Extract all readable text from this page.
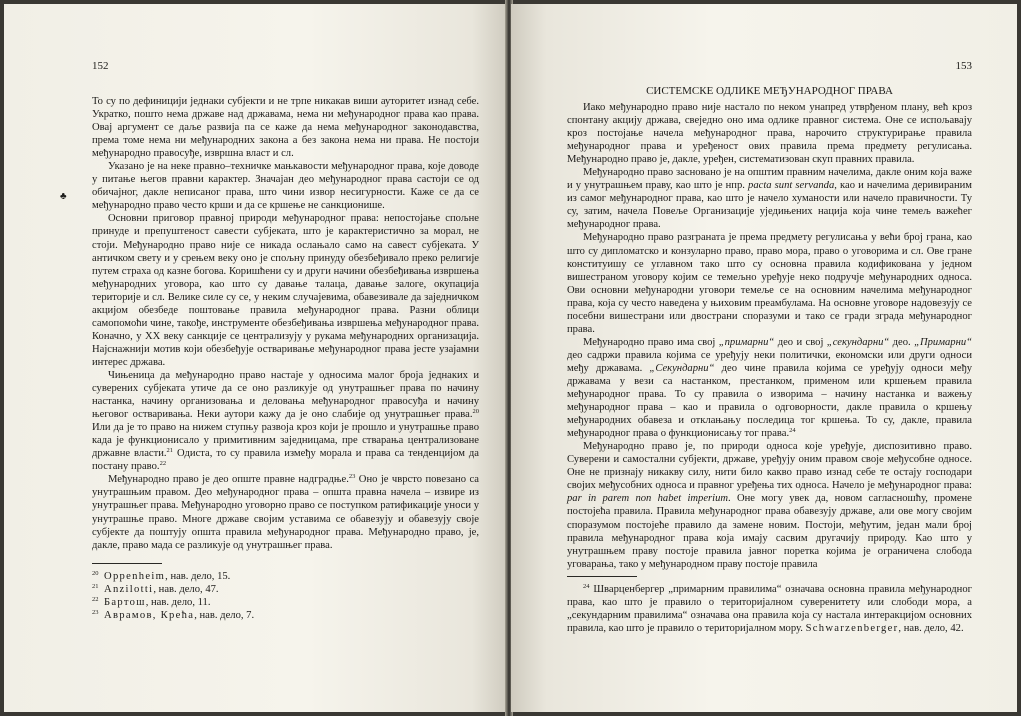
152

То су по дефиницији једнаки субјекти и не трпе никакав виши ауторитет изнад себе. Укратко, пошто нема државе над државама, нема ни међународног права као права. Овај аргумент се даље развија па се каже да нема међународног законодавства, према томе нема ни међународних закона а без закона нема ни права. Не постоји међународно правосуђе, извршна власт и сл.

Указано је на неке правно–техничке мањкавости међународног права, које доводе у питање његов правни карактер. Значајан део међународног права састоји се од обичајног, дакле неписаног права, што чини извор несигурности. Каже се да се међународно право често крши и да се кршење не санкционише.

Основни приговор правној природи међународног права: непостојање спољне принуде и препуштеност савести субјеката, што је карактеристично за морал, не стоји. Међународно право није се никада ослањало само на савест субјеката. У античком свету и у срењем веку оно је спољну принуду обезбеђивало преко религије путем страха од казне богова. Коришћени су и други начини обезбеђивања извршења међународних уговора, као што су давање талаца, давање залоге, окупација територије и сл. Велике силе су се, у неким случајевима, обавезивале да заједничком акцијом обезбеде поштовање правила међународног права. Разни облици самопомоћи чине, такође, инструменте обезбеђивања извршења међународног права. Коначно, у XX веку санкције се централизују у рукама међународних организација. Најснажнији мотив који обезбеђује остваривање међународног права јесте узајамни интерес држава.

Чињеница да међународно право настаје у односима малог броја једнаких и суверених субјеката утиче да се оно разликује од унутрашњег права по начину настанка, начину организовања и деловања међународног правосуђа и начину његовог остваривања. Неки аутори кажу да је оно слабије од унутрашњег права.$^{20}$ Или да је то право на нижем ступњу развоја кроз који је прошло и унутрашње право када је функционисало у примитивним заједницама, пре стварања централизоване државне власти.$^{21}$ Одиста, то су правила између морала и права са тенденцијом да постану право.$^{22}$

Међународно право је део опште правне надградње.$^{23}$ Оно је чврсто повезано са унутрашњим правом. Део међународног права – општа правна начела – извире из унутрашњег права. Међународно уговорно право се поступком ратификације уноси у унутрашње право. Многе државе својим уставима се обавезују и обавезују своје субјекте да поштују општа правила међународног права. Међународно право, је, дакле, право мада се разликује од унутрашњег права.

20 Oppenheim, нав. дело, 15.

21 Anzilotti, нав. дело, 47.

22 Бартош, нав. дело, 11.

23 Аврамов, Крећа, нав. дело, 7.

♣
153
СИСТЕМСКЕ ОДЛИКЕ МЕЂУНАРОДНОГ ПРАВА

Иако међународно право није настало по неком унапред утврђеном плану, већ кроз спонтану акцију држава, свеједно оно има одлике правног система. Оне се испољавају кроз постојање начела међународног права, нарочито структурирање правила међународног права и уређеност ових правила према предмету регулисања. Међународно право је, дакле, уређен, систематизован скуп правних правила.

Међународно право засновано је на општим правним начелима, дакле оним која важе и у унутрашњем праву, као што је нпр. pacta sunt servanda, као и начелима деривираним из самог међународног права, као што је начело хуманости или начело правичности. Ту су, затим, начела Повеље Организације уједињених нација која чине темељ важећег међународног права.

Међународно право разграната је према предмету регулисања у већи број грана, као што су дипломатско и конзуларно право, право мора, право о уговорима и сл. Ове гране конституишу се углавном тако што су основна правила кодификована у једном вишестраном уговору којим се темељно уређује нeко подручје међународних односа. Ови основни међународни уговори темеље се на основним начелима међународног права, која су често наведена у њиховим преамбулама. На основне уговоре надовезују се посебни вишестрани или двострани споразуми и тако се гради зграда међународног права.

Међународно право има свој „примарни“ део и свој „секундарни“ део. „Примарни“ део садржи правила којима се уређују неки политички, економски или други односи међу државама. „Секундарни“ део чине правила којима се уређују односи међу државама у вези са настанком, престанком, применом или кршењем правила међународног права. То су правила о изворима – начину настанка и важењу међународног права – као и правила о одговорности, дакле правила о кршењу међународних обавеза и отклањању последица тог кршења. То су, дакле, правила међународног права о функционисању тог права.$^{24}$

Међународно право је, по природи односа које уређује, диспозитивно право. Суверени и самостални субјекти, државе, уређују оним правом своје међусобне односе. Оне не признају никакву силу, нити било какво право изнад себе те остају господари својих међусобних односа и правног уређења тих односа. Начело је међународног права: par in parem non habet imperium. Оне могу увек да, новом сагласношћу, промене постојећа правила. Правила међународног права обавезују државе, али ове могу својим споразумом постојеће правило да замене новим. Постоји, међутим, један мали број правила међународног права која имају сасвим другачију природу. Као што у унутрашњем праву постоје правила јавног поретка којима је ограничена слобода уговарања, тако у међународном праву постоје правила

$^{24}$ Шварценбергер „примарним правилима“ означава основна правила међународног права, као што је правило о територијалном суверенитету или слободи мора, а „секундарним правилима“ означава она правила која су настала интеракцијом основних правила, као што је правило о територијалном мору. Schwarzenberger, нав. дело, 42.
